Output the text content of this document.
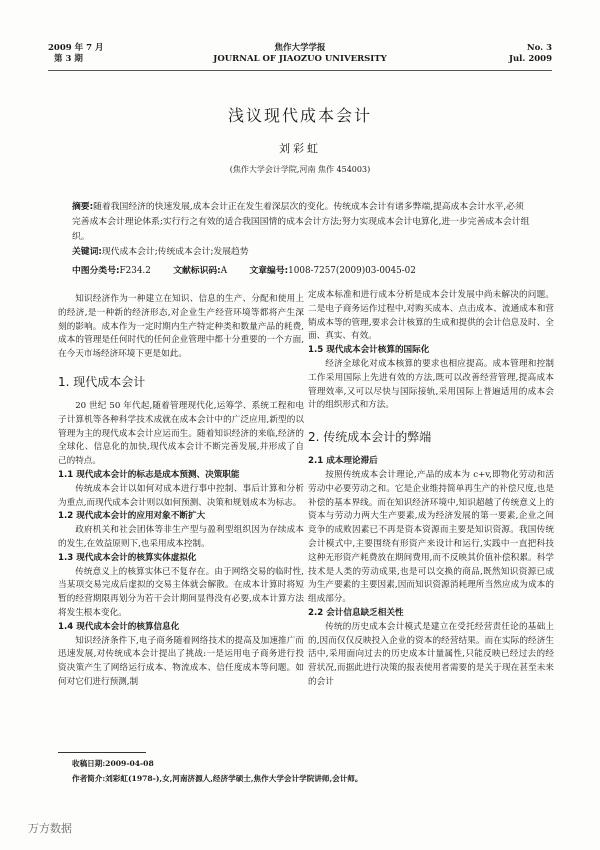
2009 年 7 月
第 3 期
焦作大学学报
JOURNAL OF JIAOZUO UNIVERSITY
No. 3
Jul. 2009
浅议现代成本会计
刘彩虹
(焦作大学会计学院,河南 焦作 454003)
摘要:随着我国经济的快速发展,成本会计正在发生着深层次的变化。传统成本会计有诸多弊端,提高成本会计水平,必须完善成本会计理论体系;实行行之有效的适合我国国情的成本会计方法;努力实现成本会计电算化,进一步完善成本会计组织。
关键词:现代成本会计;传统成本会计;发展趋势
中图分类号:F234.2	文献标识码:A	文章编号:1008-7257(2009)03-0045-02

知识经济作为一种建立在知识、信息的生产、分配和使用上的经济,是一种新的经济形态,对企业生产经营环境等都将产生深刻的影响。成本作为一定时期内生产特定种类和数量产品的耗费,成本的管理是任何时代的任何企业管理中都十分重要的一个方面,在今天市场经济环境下更是如此。

1. 现代成本会计

20 世纪 50 年代起,随着管理现代化,运筹学、系统工程和电子计算机等各种科学技术成就在成本会计中的广泛应用,新型的以管理为主的现代成本会计应运而生。随着知识经济的来临,经济的全球化、信息化的加快,现代成本会计不断完善发展,并形成了自己的特点。

1.1 现代成本会计的标志是成本预测、决策职能

传统成本会计以如何对成本进行事中控制、事后计算和分析为重点,而现代成本会计则以如何预测、决策和规划成本为标志。

1.2 现代成本会计的应用对象不断扩大

政府机关和社会团体等非生产型与盈利型组织因为存续成本的发生,在效益原则下,也采用成本控制。

1.3 现代成本会计的核算实体虚拟化

传统意义上的核算实体已不复存在。由于网络交易的临时性,当某项交易完成后虚拟的交易主体就会解散。在成本计算时将短暂的经营期限再划分为若干会计期间显得没有必要,成本计算方法将发生根本变化。

1.4 现代成本会计的核算信息化

知识经济条件下,电子商务随着网络技术的提高及加速推广而迅速发展,对传统成本会计提出了挑战:一是运用电子商务进行投资决策产生了网络运行成本、物流成本、信任度成本等问题。如何对它们进行预测,制

定成本标准和进行成本分析是成本会计发展中尚未解决的问题。二是电子商务运作过程中,对购买成本、点击成本、流通成本和营销成本等的管理,要求会计核算的生成和提供的会计信息及时、全面、真实、有效。

1.5 现代成本会计核算的国际化

经济全球化对成本核算的要求也相应提高。成本管理和控制工作采用国际上先进有效的方法,既可以改善经营管理,提高成本管理效率,又可以尽快与国际接轨,采用国际上普遍适用的成本会计的组织形式和方法。

2. 传统成本会计的弊端
2.1 成本理论滞后

按照传统成本会计理论,产品的成本为 c+v,即物化劳动和活劳动中必要劳动之和。它是企业维持简单再生产的补偿尺度,也是补偿的基本界线。而在知识经济环境中,知识超越了传统意义上的资本与劳动力两大生产要素,成为经济发展的第一要素,企业之间竞争的成败因素已不再是资本资源而主要是知识资源。我国传统会计模式中,主要围绕有形资产来设计和运行,实践中一直把科技这种无形资产耗费放在期间费用,而不反映其价值补偿积累。科学技术是人类的劳动成果,也是可以交换的商品,既然知识资源已成为生产要素的主要因素,因而知识资源消耗理所当然应成为成本的组成部分。

2.2 会计信息缺乏相关性

传统的历史成本会计模式是建立在受托经营责任论的基础上的,因而仅仅反映投入企业的资本的经营结果。而在实际的经济生活中,采用面向过去的历史成本计量属性,只能反映已经过去的经营状况,而据此进行决策的报表使用者需要的是关于现在甚至未来的会计

收稿日期:2009-04-08
作者简介:刘彩虹(1978-),女,河南济源人,经济学硕士,焦作大学会计学院讲师,会计师。
万方数据
